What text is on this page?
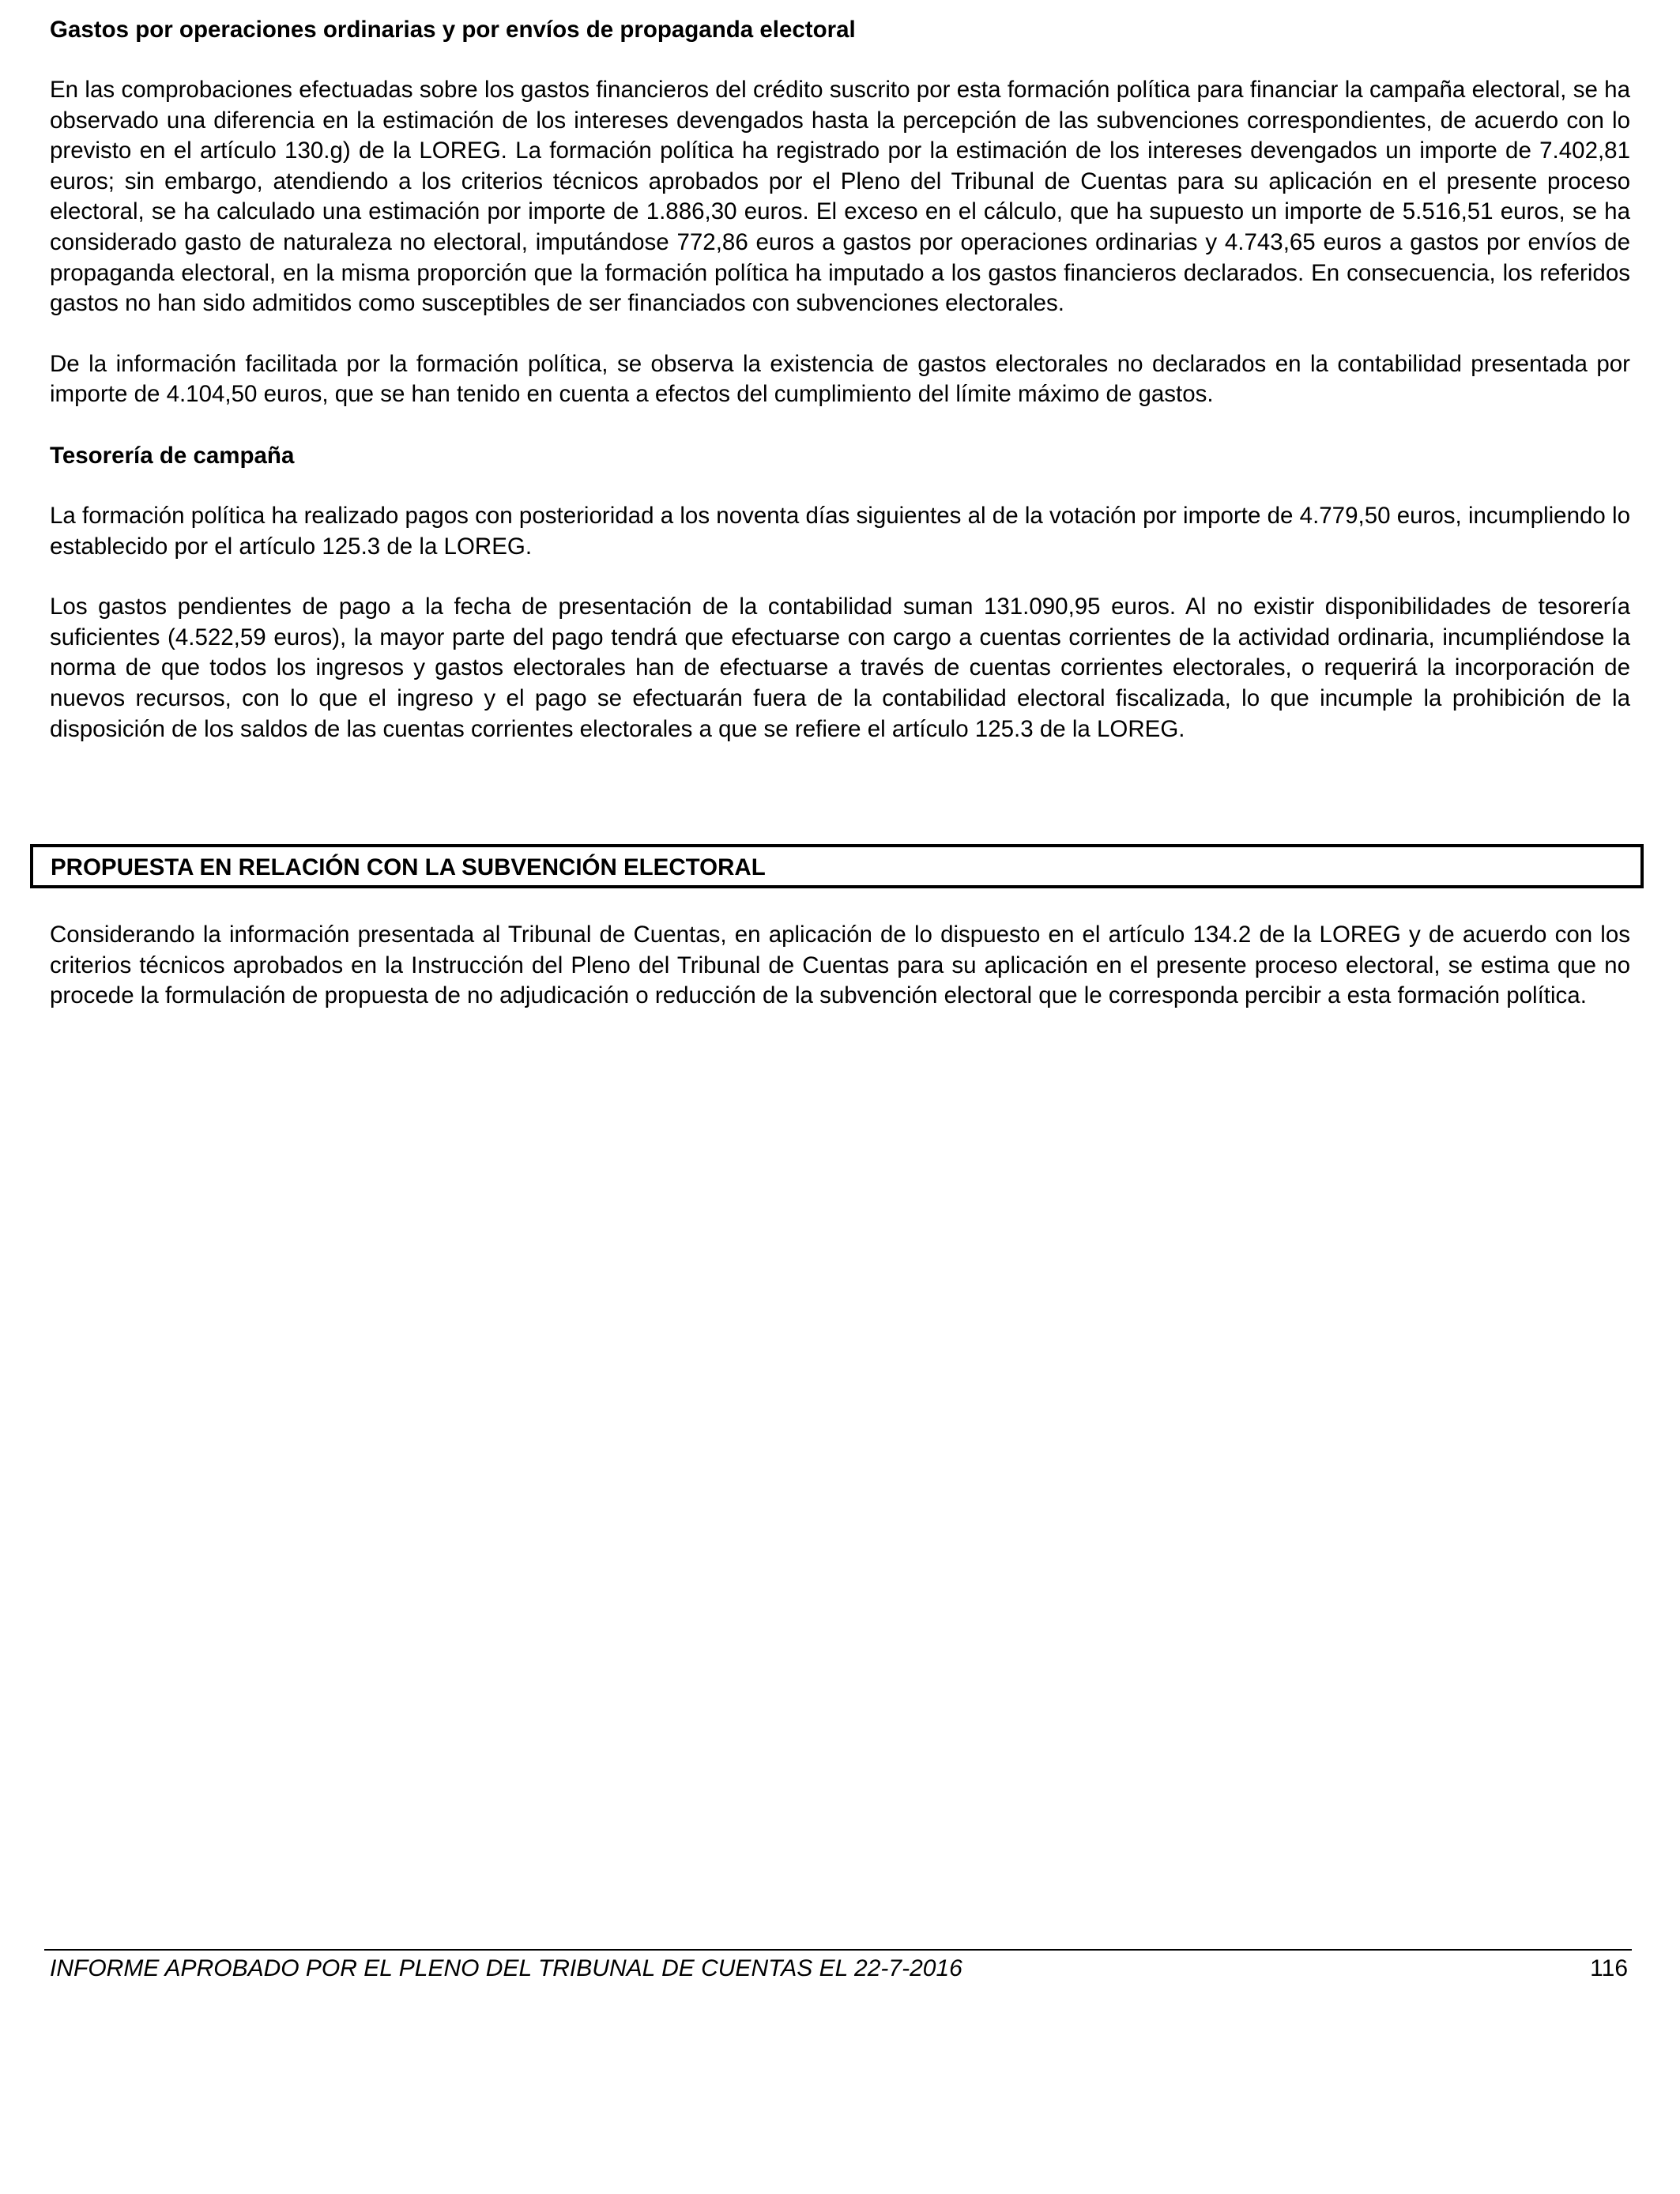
Gastos por operaciones ordinarias y por envíos de propaganda electoral

En las comprobaciones efectuadas sobre los gastos financieros del crédito suscrito por esta formación política para financiar la campaña electoral, se ha observado una diferencia en la estimación de los intereses devengados hasta la percepción de las subvenciones correspondientes, de acuerdo con lo previsto en el artículo 130.g) de la LOREG. La formación política ha registrado por la estimación de los intereses devengados un importe de 7.402,81 euros; sin embargo, atendiendo a los criterios técnicos aprobados por el Pleno del Tribunal de Cuentas para su aplicación en el presente proceso electoral, se ha calculado una estimación por importe de 1.886,30 euros. El exceso en el cálculo, que ha supuesto un importe de 5.516,51 euros, se ha considerado gasto de naturaleza no electoral, imputándose 772,86 euros a gastos por operaciones ordinarias y 4.743,65 euros a gastos por envíos de propaganda electoral, en la misma proporción que la formación política ha imputado a los gastos financieros declarados. En consecuencia, los referidos gastos no han sido admitidos como susceptibles de ser financiados con subvenciones electorales.

De la información facilitada por la formación política, se observa la existencia de gastos electorales no declarados en la contabilidad presentada por importe de 4.104,50 euros, que se han tenido en cuenta a efectos del cumplimiento del límite máximo de gastos.

Tesorería de campaña

La formación política ha realizado pagos con posterioridad a los noventa días siguientes al de la votación por importe de 4.779,50 euros, incumpliendo lo establecido por el artículo 125.3 de la LOREG.

Los gastos pendientes de pago a la fecha de presentación de la contabilidad suman 131.090,95 euros. Al no existir disponibilidades de tesorería suficientes (4.522,59 euros), la mayor parte del pago tendrá que efectuarse con cargo a cuentas corrientes de la actividad ordinaria, incumpliéndose la norma de que todos los ingresos y gastos electorales han de efectuarse a través de cuentas corrientes electorales, o requerirá la incorporación de nuevos recursos, con lo que el ingreso y el pago se efectuarán fuera de la contabilidad electoral fiscalizada, lo que incumple la prohibición de la disposición de los saldos de las cuentas corrientes electorales a que se refiere el artículo 125.3 de la LOREG.

PROPUESTA EN RELACIÓN CON LA SUBVENCIÓN ELECTORAL

Considerando la información presentada al Tribunal de Cuentas, en aplicación de lo dispuesto en el artículo 134.2 de la LOREG y de acuerdo con los criterios técnicos aprobados en la Instrucción del Pleno del Tribunal de Cuentas para su aplicación en el presente proceso electoral, se estima que no procede la formulación de propuesta de no adjudicación o reducción de la subvención electoral que le corresponda percibir a esta formación política.

INFORME APROBADO POR EL PLENO DEL TRIBUNAL DE CUENTAS EL 22-7-2016	116
